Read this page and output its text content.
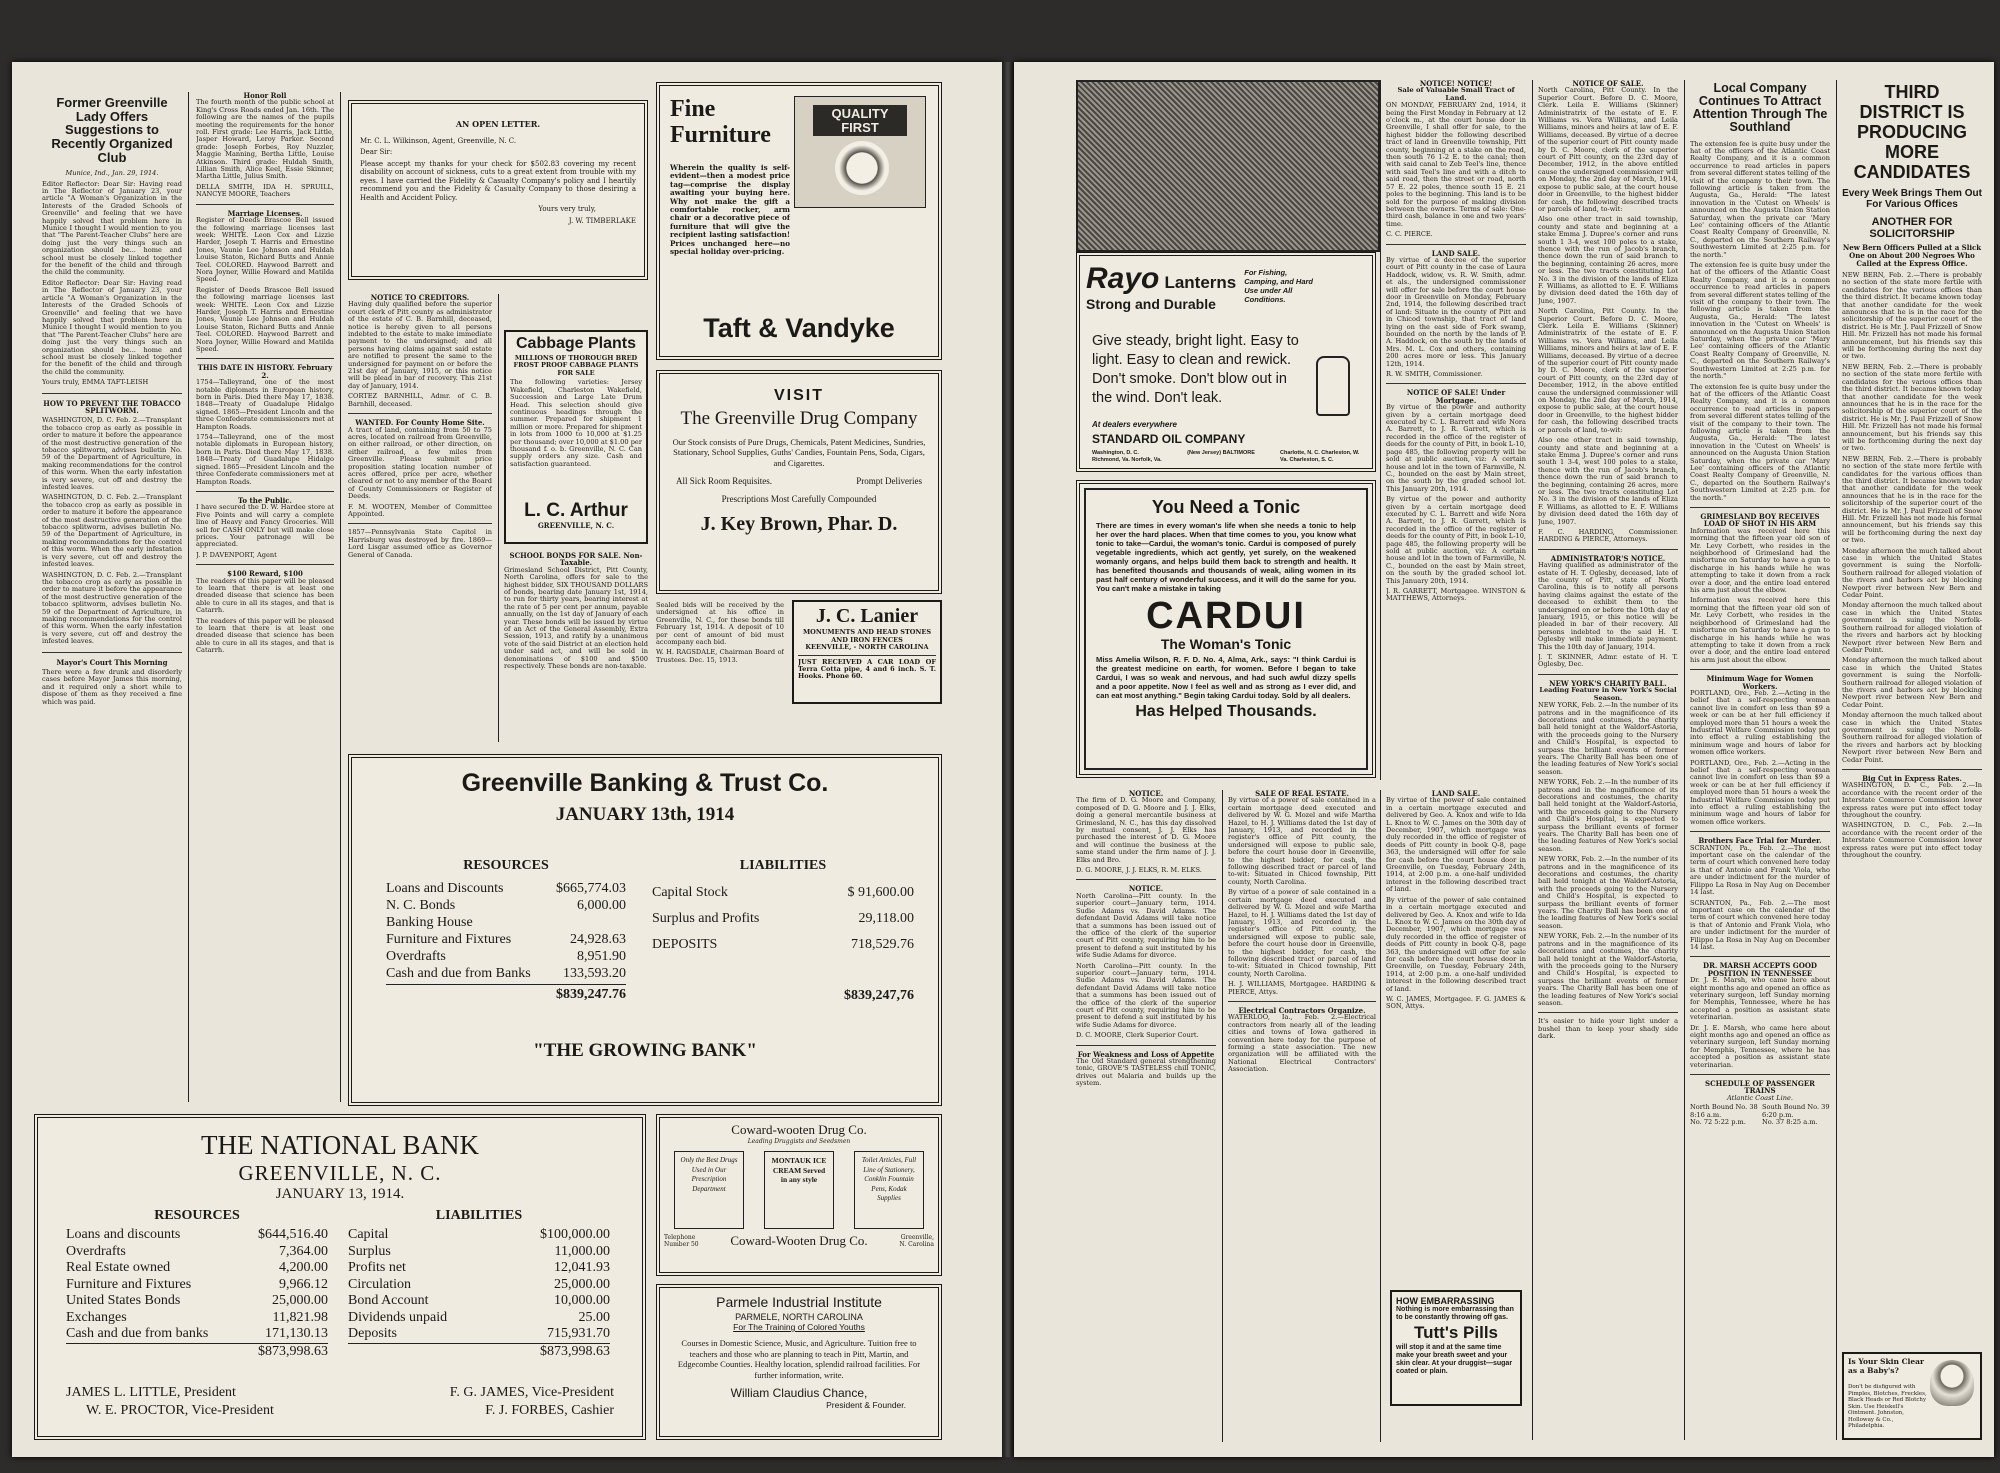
Former Greenville Lady Offers Suggestions to Recently Organized Club
Munice, Ind., Jan. 29, 1914.

Editor Reflector: Dear Sir: Having read in The Reflector of January 23, your article "A Woman's Organization in the Interests of the Graded Schools of Greenville" and feeling that we have happily solved that problem here in Munice I thought I would mention to you that "The Parent-Teacher Clubs" here are doing just the very things such an organization should be... home and school must be closely linked together for the benefit of the child and through the child the community.

Editor Reflector: Dear Sir: Having read in The Reflector of January 23, your article "A Woman's Organization in the Interests of the Graded Schools of Greenville" and feeling that we have happily solved that problem here in Munice I thought I would mention to you that "The Parent-Teacher Clubs" here are doing just the very things such an organization should be... home and school must be closely linked together for the benefit of the child and through the child the community.

Yours truly, EMMA TAFT-LEISH

HOW TO PREVENT THE TOBACCO SPLITWORM.

WASHINGTON, D. C. Feb. 2.—Transplant the tobacco crop as early as possible in order to mature it before the appearance of the most destructive generation of the tobacco splitworm, advises bulletin No. 59 of the Department of Agriculture, in making recommendations for the control of this worm. When the early infestation is very severe, cut off and destroy the infested leaves.

WASHINGTON, D. C. Feb. 2.—Transplant the tobacco crop as early as possible in order to mature it before the appearance of the most destructive generation of the tobacco splitworm, advises bulletin No. 59 of the Department of Agriculture, in making recommendations for the control of this worm. When the early infestation is very severe, cut off and destroy the infested leaves.

WASHINGTON, D. C. Feb. 2.—Transplant the tobacco crop as early as possible in order to mature it before the appearance of the most destructive generation of the tobacco splitworm, advises bulletin No. 59 of the Department of Agriculture, in making recommendations for the control of this worm. When the early infestation is very severe, cut off and destroy the infested leaves.

Mayor's Court This Morning

There were a few drunk and disorderly cases before Mayor James this morning, and it required only a short while to dispose of them as they received a fine which was paid.

Honor Roll

The fourth month of the public school at King's Cross Roads ended Jan. 16th. The following are the names of the pupils meeting the requirements for the honor roll. First grade: Lee Harris, Jack Little, Jasper Howard, Leroy Parker. Second grade: Joseph Forbes, Roy Nuzzler, Maggie Manning, Bertha Little, Louise Atkinson. Third grade: Huldah Smith, Lillian Smith, Alice Keel, Essie Skinner, Martha Little, Julius Smith.

DELLA SMITH, IDA H. SPRUILL, NANCYE MOORE, Teachers

Marriage Licenses.

Register of Deeds Brascoe Bell issued the following marriage licenses last week: WHITE. Leon Cox and Lizzie Harder, Joseph T. Harris and Ernestine Jones, Vaunie Lee Johnson and Huldah Louise Staton, Richard Butts and Annie Teel. COLORED. Haywood Barrett and Nora Joyner, Willie Howard and Matilda Speed.

Register of Deeds Brascoe Bell issued the following marriage licenses last week: WHITE. Leon Cox and Lizzie Harder, Joseph T. Harris and Ernestine Jones, Vaunie Lee Johnson and Huldah Louise Staton, Richard Butts and Annie Teel. COLORED. Haywood Barrett and Nora Joyner, Willie Howard and Matilda Speed.

THIS DATE IN HISTORY. February 2.

1754—Talleyrand, one of the most notable diplomats in European history, born in Paris. Died there May 17, 1838. 1848—Treaty of Guadalupe Hidalgo signed. 1865—President Lincoln and the three Confederate commissioners met at Hampton Roads.

1754—Talleyrand, one of the most notable diplomats in European history, born in Paris. Died there May 17, 1838. 1848—Treaty of Guadalupe Hidalgo signed. 1865—President Lincoln and the three Confederate commissioners met at Hampton Roads.

To the Public.

I have secured the D. W. Hardee store at Five Points and will carry a complete line of Heavy and Fancy Groceries. Will sell for CASH ONLY but will make close prices. Your patronage will be appreciated.

J. P. DAVENPORT, Agent

$100 Reward, $100

The readers of this paper will be pleased to learn that there is at least one dreaded disease that science has been able to cure in all its stages, and that is Catarrh.

The readers of this paper will be pleased to learn that there is at least one dreaded disease that science has been able to cure in all its stages, and that is Catarrh.

AN OPEN LETTER.

Mr. C. L. Wilkinson, Agent, Greenville, N. C.

Dear Sir:

Please accept my thanks for your check for $502.83 covering my recent disability on account of sickness, cuts to a great extent from trouble with my eyes. I have carried the Fidelity & Casualty Company's policy and I heartily recommend you and the Fidelity & Casualty Company to those desiring a Health and Accident Policy.

Yours very truly,

J. W. TIMBERLAKE

NOTICE TO CREDITORS.

Having duly qualified before the superior court clerk of Pitt county as administrator of the estate of C. B. Barnhill, deceased, notice is hereby given to all persons indebted to the estate to make immediate payment to the undersigned; and all persons having claims against said estate are notified to present the same to the undersigned for payment on or before the 21st day of January, 1915, or this notice will be plead in bar of recovery. This 21st day of January, 1914.

CORTEZ BARNHILL, Admr. of C. B. Barnhill, deceased.

WANTED. For County Home Site.

A tract of land, containing from 50 to 75 acres, located on railroad from Greenville, on either railroad, or other direction, on either railroad, a few miles from Greenville. Please submit price proposition stating location number of acres offered, price per acre, whether cleared or not to any member of the Board of County Commissioners or Register of Deeds.

F. M. WOOTEN, Member of Committee Appointed.

1857—Pennsylvania State Capitol in Harrisburg was destroyed by fire. 1869—Lord Lisgar assumed office as Governor General of Canada.

Cabbage Plants
MILLIONS OF THOROUGH BRED FROST PROOF CABBAGE PLANTS FOR SALE

The following varieties: Jersey Wakefield, Charleston Wakefield, Succession and Large Late Drum Head. This selection should give continuous headings through the summer. Prepared for shipment 1 million or more. Prepared for shipment in lots from 1000 to 10,000 at $1.25 per thousand; over 10,000 at $1.00 per thousand f. o. b. Greenville, N. C. Can supply orders any size. Cash and satisfaction guaranteed.

L. C. Arthur
GREENVILLE, N. C.
SCHOOL BONDS FOR SALE. Non-Taxable.

Grimesland School District, Pitt County, North Carolina, offers for sale to the highest bidder, SIX THOUSAND DOLLARS of bonds, bearing date January 1st, 1914, to run for thirty years, bearing interest at the rate of 5 per cent per annum, payable annually, on the 1st day of January of each year. These bonds will be issued by virtue of an Act of the General Assembly, Extra Session, 1913, and ratify by a unanimous vote of the said District at an election held under said act, and will be sold in denominations of $100 and $500 respectively. These bonds are non-taxable.

Fine Furniture
QUALITY FIRST

Wherein the quality is self-evident—then a modest price tag—comprise the display awaiting your buying here. Why not make the gift a comfortable rocker, arm chair or a decorative piece of furniture that will give the recipient lasting satisfaction! Prices unchanged here—no special holiday over-pricing.

Taft & Vandyke
VISIT
The Greenville Drug Company
Our Stock consists of Pure Drugs, Chemicals, Patent Medicines, Sundries, Stationary, School Supplies, Guths' Candies, Fountain Pens, Soda, Cigars, and Cigarettes.
All Sick Room Requisites.	Prompt Deliveries
Prescriptions Most Carefully Compounded
J. Key Brown, Phar. D.

Sealed bids will be received by the undersigned at his office in Greenville, N. C., for these bonds till February 1st, 1914. A deposit of 10 per cent of amount of bid must accompany each bid.

W. H. RAGSDALE, Chairman Board of Trustees. Dec. 15, 1913.

J. C. Lanier
MONUMENTS AND HEAD STONES AND IRON FENCES
KEENVILLE, - NORTH CAROLINA

JUST RECEIVED A CAR LOAD OF Terra Cotta pipe, 4 and 6 inch. S. T. Hooks. Phone 60.

Greenville Banking & Trust Co.
JANUARY 13th, 1914
RESOURCES
Loans and Discounts	$665,774.03
N. C. Bonds	6,000.00
Banking House
Furniture and Fixtures	24,928.63
Overdrafts	8,951.90
Cash and due from Banks 133,593.20
$839,247.76
LIABILITIES
Capital Stock	$ 91,600.00
Surplus and Profits	29,118.00
DEPOSITS	718,529.76
$839,247,76
"THE GROWING BANK"
THE NATIONAL BANK
GREENVILLE, N. C.
JANUARY 13, 1914.
RESOURCES
Loans and discounts	$644,516.40
Overdrafts	7,364.00
Real Estate owned	4,200.00
Furniture and Fixtures	9,966.12
United States Bonds	25,000.00
Exchanges	11,821.98
Cash and due from banks	171,130.13
$873,998.63
LIABILITIES
Capital	$100,000.00
Surplus	11,000.00
Profits net	12,041.93
Circulation	25,000.00
Bond Account	10,000.00
Dividends unpaid	25.00
Deposits	715,931.70
$873,998.63
JAMES L. LITTLE, President	F. G. JAMES, Vice-President
W. E. PROCTOR, Vice-President	F. J. FORBES, Cashier
Coward-wooten Drug Co.
Leading Druggists and Seedsmen
Only the Best Drugs Used in Our Prescription Department
MONTAUK ICE CREAM Served in any style
Toilet Articles, Full Line of Stationery, Conklin Fountain Pens, Kodak Supplies
Telephone Number 50	Coward-Wooten Drug Co.	Greenville, N. Carolina
Parmele Industrial Institute
PARMELE, NORTH CAROLINA
For The Training of Colored Youths
Courses in Domestic Science, Music, and Agriculture. Tuition free to teachers and those who are planning to teach in Pitt, Martin, and Edgecombe Counties. Healthy location, splendid railroad facilities. For further information, write.
William Claudius Chance,
President & Founder.
Rayo Lanterns
Strong and Durable
For Fishing, Camping, and Hard Use under All Conditions.
Give steady, bright light. Easy to light. Easy to clean and rewick. Don't smoke. Don't blow out in the wind. Don't leak.
At dealers everywhere
STANDARD OIL COMPANY
Washington, D. C. Richmond, Va. Norfolk, Va.
(New Jersey) BALTIMORE	Charlotte, N. C. Charleston, W. Va. Charleston, S. C.
You Need a Tonic
There are times in every woman's life when she needs a tonic to help her over the hard places. When that time comes to you, you know what tonic to take—Cardui, the woman's tonic. Cardui is composed of purely vegetable ingredients, which act gently, yet surely, on the weakened womanly organs, and helps build them back to strength and health. It has benefited thousands and thousands of weak, ailing women in its past half century of wonderful success, and it will do the same for you. You can't make a mistake in taking
CARDUI
The Woman's Tonic
Miss Amelia Wilson, R. F. D. No. 4, Alma, Ark., says: "I think Cardui is the greatest medicine on earth, for women. Before I began to take Cardui, I was so weak and nervous, and had such awful dizzy spells and a poor appetite. Now I feel as well and as strong as I ever did, and can eat most anything." Begin taking Cardui today. Sold by all dealers.
Has Helped Thousands.
NOTICE! NOTICE!
Sale of Valuable Small Tract of Land.

ON MONDAY, FEBRUARY 2nd, 1914, it being the First Monday in February at 12 o'clock m., at the court house door in Greenville, I shall offer for sale, to the highest bidder the following described tract of land in Greenville township, Pitt county, beginning at a stake on the road, then south 76 1-2 E. to the canal; then with said canal to Zeb Teel's line, thence with said Teel's line and with a ditch to said road, then the street or road, north 57 E. 22 poles, thence south 15 E. 21 poles to the beginning. This land is to be sold for the purpose of making division between the owners. Terms of sale: One-third cash, balance in one and two years' time.

C. C. PIERCE.

LAND SALE.

By virtue of a decree of the superior court of Pitt county in the case of Laura Haddock, widow, vs. R. W. Smith, admr. et als., the undersigned commissioner will offer for sale before the court house door in Greenville on Monday, February 2nd, 1914, the following described tract of land: Situate in the county of Pitt and in Chicod township, that tract of land lying on the east side of Fork swamp, bounded on the north by the lands of P. A. Haddock, on the south by the lands of Mrs. M. L. Cox and others, containing 200 acres more or less. This January 12th, 1914.

R. W. SMITH, Commissioner.

NOTICE OF SALE! Under Mortgage.

By virtue of the power and authority given by a certain mortgage deed executed by C. L. Barrett and wife Nora A. Barrett, to J. R. Garrett, which is recorded in the office of the register of deeds for the county of Pitt, in book L-10, page 485, the following property will be sold at public auction, viz: A certain house and lot in the town of Farmville, N. C., bounded on the east by Main street, on the south by the graded school lot. This January 20th, 1914.

By virtue of the power and authority given by a certain mortgage deed executed by C. L. Barrett and wife Nora A. Barrett, to J. R. Garrett, which is recorded in the office of the register of deeds for the county of Pitt, in book L-10, page 485, the following property will be sold at public auction, viz: A certain house and lot in the town of Farmville, N. C., bounded on the east by Main street, on the south by the graded school lot. This January 20th, 1914.

J. R. GARRETT, Mortgagee. WINSTON & MATTHEWS, Attorneys.

NOTICE OF SALE.

North Carolina, Pitt County. In the Superior Court. Before D. C. Moore, Clerk. Leila E. Williams (Skinner) Administratrix of the estate of E. F. Williams vs. Vera Williams, and Leila Williams, minors and heirs at law of E. F. Williams, deceased. By virtue of a decree of the superior court of Pitt county made by D. C. Moore, clerk of the superior court of Pitt county, on the 23rd day of December, 1912, in the above entitled cause the undersigned commissioner will on Monday, the 2nd day of March, 1914, expose to public sale, at the court house door in Greenville, to the highest bidder for cash, the following described tracts or parcels of land, to-wit:

Also one other tract in said township, county and state and beginning at a stake Emma J. Dupree's corner and runs south 1 3-4, west 100 poles to a stake, thence with the run of Jacob's branch, thence down the run of said branch to the beginning, containing 26 acres, more or less. The two tracts constituting Lot No. 3 in the division of the lands of Eliza F. Williams, as allotted to E. F. Williams by division deed dated the 16th day of June, 1907.

North Carolina, Pitt County. In the Superior Court. Before D. C. Moore, Clerk. Leila E. Williams (Skinner) Administratrix of the estate of E. F. Williams vs. Vera Williams, and Leila Williams, minors and heirs at law of E. F. Williams, deceased. By virtue of a decree of the superior court of Pitt county made by D. C. Moore, clerk of the superior court of Pitt county, on the 23rd day of December, 1912, in the above entitled cause the undersigned commissioner will on Monday, the 2nd day of March, 1914, expose to public sale, at the court house door in Greenville, to the highest bidder for cash, the following described tracts or parcels of land, to-wit:

Also one other tract in said township, county and state and beginning at a stake Emma J. Dupree's corner and runs south 1 3-4, west 100 poles to a stake, thence with the run of Jacob's branch, thence down the run of said branch to the beginning, containing 26 acres, more or less. The two tracts constituting Lot No. 3 in the division of the lands of Eliza F. Williams, as allotted to E. F. Williams by division deed dated the 16th day of June, 1907.

F. C. HARDING, Commissioner. HARDING & PIERCE, Attorneys.

ADMINISTRATOR'S NOTICE.

Having qualified as administrator of the estate of H. T. Oglesby, deceased, late of the county of Pitt, state of North Carolina, this is to notify all persons having claims against the estate of the deceased to exhibit them to the undersigned on or before the 10th day of January, 1915, or this notice will be pleaded in bar of their recovery. All persons indebted to the said H. T. Oglesby will make immediate payment. This the 10th day of January, 1914.

J. T. SKINNER, Admr. estate of H. T. Oglesby, Dec.

NEW YORK'S CHARITY BALL.
Leading Feature in New York's Social Season.

NEW YORK, Feb. 2.—In the number of its patrons and in the magnificence of its decorations and costumes, the charity ball held tonight at the Waldorf-Astoria, with the proceeds going to the Nursery and Child's Hospital, is expected to surpass the brilliant events of former years. The Charity Ball has been one of the leading features of New York's social season.

NEW YORK, Feb. 2.—In the number of its patrons and in the magnificence of its decorations and costumes, the charity ball held tonight at the Waldorf-Astoria, with the proceeds going to the Nursery and Child's Hospital, is expected to surpass the brilliant events of former years. The Charity Ball has been one of the leading features of New York's social season.

NEW YORK, Feb. 2.—In the number of its patrons and in the magnificence of its decorations and costumes, the charity ball held tonight at the Waldorf-Astoria, with the proceeds going to the Nursery and Child's Hospital, is expected to surpass the brilliant events of former years. The Charity Ball has been one of the leading features of New York's social season.

NEW YORK, Feb. 2.—In the number of its patrons and in the magnificence of its decorations and costumes, the charity ball held tonight at the Waldorf-Astoria, with the proceeds going to the Nursery and Child's Hospital, is expected to surpass the brilliant events of former years. The Charity Ball has been one of the leading features of New York's social season.

It's easier to hide your light under a bushel than to keep your shady side dark.

NOTICE.

The firm of D. G. Moore and Company, composed of D. G. Moore and J. J. Elks, doing a general mercantile business at Grimesland, N. C., has this day dissolved by mutual consent, J. J. Elks has purchased the interest of D. G. Moore and will continue the business at the same stand under the firm name of J. J. Elks and Bro.

D. G. MOORE, J. J. ELKS, R. M. ELKS.

NOTICE.

North Carolina—Pitt county. In the superior court—January term, 1914. Sudie Adams vs. David Adams. The defendant David Adams will take notice that a summons has been issued out of the office of the clerk of the superior court of Pitt county, requiring him to be present to defend a suit instituted by his wife Sudie Adams for divorce.

North Carolina—Pitt county. In the superior court—January term, 1914. Sudie Adams vs. David Adams. The defendant David Adams will take notice that a summons has been issued out of the office of the clerk of the superior court of Pitt county, requiring him to be present to defend a suit instituted by his wife Sudie Adams for divorce.

D. C. MOORE, Clerk Superior Court.

For Weakness and Loss of Appetite

The Old Standard general strengthening tonic, GROVE'S TASTELESS chill TONIC, drives out Malaria and builds up the system.

SALE OF REAL ESTATE.

By virtue of a power of sale contained in a certain mortgage deed executed and delivered by W. G. Mozel and wife Martha Hazel, to H. J. Williams dated the 1st day of January, 1913, and recorded in the register's office of Pitt county, the undersigned will expose to public sale, before the court house door in Greenville, to the highest bidder, for cash, the following described tract or parcel of land to-wit: Situated in Chicod township, Pitt county, North Carolina.

By virtue of a power of sale contained in a certain mortgage deed executed and delivered by W. G. Mozel and wife Martha Hazel, to H. J. Williams dated the 1st day of January, 1913, and recorded in the register's office of Pitt county, the undersigned will expose to public sale, before the court house door in Greenville, to the highest bidder, for cash, the following described tract or parcel of land to-wit: Situated in Chicod township, Pitt county, North Carolina.

H. J. WILLIAMS, Mortgagee. HARDING & PIERCE, Attys.

Electrical Contractors Organize.

WATERLOO, Ia., Feb. 2.—Electrical contractors from nearly all of the leading cities and towns of Iowa gathered in convention here today for the purpose of forming a state association. The new organization will be affiliated with the National Electrical Contractors' Association.

LAND SALE.

By virtue of the power of sale contained in a certain mortgage executed and delivered by Geo. A. Knox and wife to Ida L. Knox to W. C. James on the 30th day of December, 1907, which mortgage was duly recorded in the office of register of deeds of Pitt county in book Q-8, page 363, the undersigned will offer for sale for cash before the court house door in Greenville, on Tuesday, February 24th, 1914, at 2:00 p.m. a one-half undivided interest in the following described tract of land.

By virtue of the power of sale contained in a certain mortgage executed and delivered by Geo. A. Knox and wife to Ida L. Knox to W. C. James on the 30th day of December, 1907, which mortgage was duly recorded in the office of register of deeds of Pitt county in book Q-8, page 363, the undersigned will offer for sale for cash before the court house door in Greenville, on Tuesday, February 24th, 1914, at 2:00 p.m. a one-half undivided interest in the following described tract of land.

W. C. JAMES, Mortgagee. F. G. JAMES & SON, Attys.

HOW EMBARRASSING
Nothing is more embarrassing than to be constantly throwing off gas.
Tutt's Pills
will stop it and at the same time make your breath sweet and your skin clear. At your druggist—sugar coated or plain.
Local Company Continues To Attract Attention Through The Southland

The extension fee is quite busy under the hat of the officers of the Atlantic Coast Realty Company, and it is a common occurrence to read articles in papers from several different states telling of the visit of the company to their town. The following article is taken from the Augusta, Ga., Herald: "The latest innovation in the 'Cutest on Wheels' is announced on the Augusta Union Station Saturday, when the private car 'Mary Lee' containing officers of the Atlantic Coast Realty Company of Greenville, N. C., departed on the Southern Railway's Southwestern Limited at 2:25 p.m. for the north."

The extension fee is quite busy under the hat of the officers of the Atlantic Coast Realty Company, and it is a common occurrence to read articles in papers from several different states telling of the visit of the company to their town. The following article is taken from the Augusta, Ga., Herald: "The latest innovation in the 'Cutest on Wheels' is announced on the Augusta Union Station Saturday, when the private car 'Mary Lee' containing officers of the Atlantic Coast Realty Company of Greenville, N. C., departed on the Southern Railway's Southwestern Limited at 2:25 p.m. for the north."

The extension fee is quite busy under the hat of the officers of the Atlantic Coast Realty Company, and it is a common occurrence to read articles in papers from several different states telling of the visit of the company to their town. The following article is taken from the Augusta, Ga., Herald: "The latest innovation in the 'Cutest on Wheels' is announced on the Augusta Union Station Saturday, when the private car 'Mary Lee' containing officers of the Atlantic Coast Realty Company of Greenville, N. C., departed on the Southern Railway's Southwestern Limited at 2:25 p.m. for the north."

GRIMESLAND BOY RECEIVES LOAD OF SHOT IN HIS ARM

Information was received here this morning that the fifteen year old son of Mr. Levy Corbett, who resides in the neighborhood of Grimesland had the misfortune on Saturday to have a gun to discharge in his hands while he was attempting to take it down from a rack over a door, and the entire load entered his arm just about the elbow.

Information was received here this morning that the fifteen year old son of Mr. Levy Corbett, who resides in the neighborhood of Grimesland had the misfortune on Saturday to have a gun to discharge in his hands while he was attempting to take it down from a rack over a door, and the entire load entered his arm just about the elbow.

Minimum Wage for Women Workers.

PORTLAND, Ore., Feb. 2.—Acting in the belief that a self-respecting woman cannot live in comfort on less than $9 a week or can be at her full efficiency if employed more than 51 hours a week the Industrial Welfare Commission today put into effect a ruling establishing the minimum wage and hours of labor for women office workers.

PORTLAND, Ore., Feb. 2.—Acting in the belief that a self-respecting woman cannot live in comfort on less than $9 a week or can be at her full efficiency if employed more than 51 hours a week the Industrial Welfare Commission today put into effect a ruling establishing the minimum wage and hours of labor for women office workers.

Brothers Face Trial for Murder.

SCRANTON, Pa., Feb. 2.—The most important case on the calendar of the term of court which convened here today is that of Antonio and Frank Viola, who are under indictment for the murder of Filippo La Rosa in Nay Aug on December 14 last.

SCRANTON, Pa., Feb. 2.—The most important case on the calendar of the term of court which convened here today is that of Antonio and Frank Viola, who are under indictment for the murder of Filippo La Rosa in Nay Aug on December 14 last.

DR. MARSH ACCEPTS GOOD POSITION IN TENNESSEE

Dr. J. E. Marsh, who came here about eight months ago and opened an office as veterinary surgeon, left Sunday morning for Memphis, Tennessee, where he has accepted a position as assistant state veterinarian.

Dr. J. E. Marsh, who came here about eight months ago and opened an office as veterinary surgeon, left Sunday morning for Memphis, Tennessee, where he has accepted a position as assistant state veterinarian.

SCHEDULE OF PASSENGER TRAINS
Atlantic Coast Line.
North Bound No. 38 8:16 a.m.
South Bound No. 39 6:20 p.m.
No. 72 5:22 p.m.	No. 37 8:25 a.m.
THIRD DISTRICT IS PRODUCING MORE CANDIDATES
Every Week Brings Them Out For Various Offices
ANOTHER FOR SOLICITORSHIP
New Bern Officers Pulled at a Slick One on About 200 Negroes Who Called at the Express Office.

NEW BERN, Feb. 2.—There is probably no section of the state more fertile with candidates for the various offices than the third district. It became known today that another candidate for the week announces that he is in the race for the solicitorship of the superior court of the district. He is Mr. J. Paul Frizzell of Snow Hill. Mr. Frizzell has not made his formal announcement, but his friends say this will be forthcoming during the next day or two.

NEW BERN, Feb. 2.—There is probably no section of the state more fertile with candidates for the various offices than the third district. It became known today that another candidate for the week announces that he is in the race for the solicitorship of the superior court of the district. He is Mr. J. Paul Frizzell of Snow Hill. Mr. Frizzell has not made his formal announcement, but his friends say this will be forthcoming during the next day or two.

NEW BERN, Feb. 2.—There is probably no section of the state more fertile with candidates for the various offices than the third district. It became known today that another candidate for the week announces that he is in the race for the solicitorship of the superior court of the district. He is Mr. J. Paul Frizzell of Snow Hill. Mr. Frizzell has not made his formal announcement, but his friends say this will be forthcoming during the next day or two.

Monday afternoon the much talked about case in which the United States government is suing the Norfolk-Southern railroad for alleged violation of the rivers and harbors act by blocking Newport river between New Bern and Cedar Point.

Monday afternoon the much talked about case in which the United States government is suing the Norfolk-Southern railroad for alleged violation of the rivers and harbors act by blocking Newport river between New Bern and Cedar Point.

Monday afternoon the much talked about case in which the United States government is suing the Norfolk-Southern railroad for alleged violation of the rivers and harbors act by blocking Newport river between New Bern and Cedar Point.

Monday afternoon the much talked about case in which the United States government is suing the Norfolk-Southern railroad for alleged violation of the rivers and harbors act by blocking Newport river between New Bern and Cedar Point.

Big Cut in Express Rates.

WASHINGTON, D. C., Feb. 2.—In accordance with the recent order of the Interstate Commerce Commission lower express rates were put into effect today throughout the country.

WASHINGTON, D. C., Feb. 2.—In accordance with the recent order of the Interstate Commerce Commission lower express rates were put into effect today throughout the country.

Is Your Skin Clear as a Baby's?
Don't be disfigured with Pimples, Blotches, Freckles, Black Heads or Red Blotchy Skin. Use Heiskell's Ointment. Johnston, Holloway & Co., Philadelphia.
